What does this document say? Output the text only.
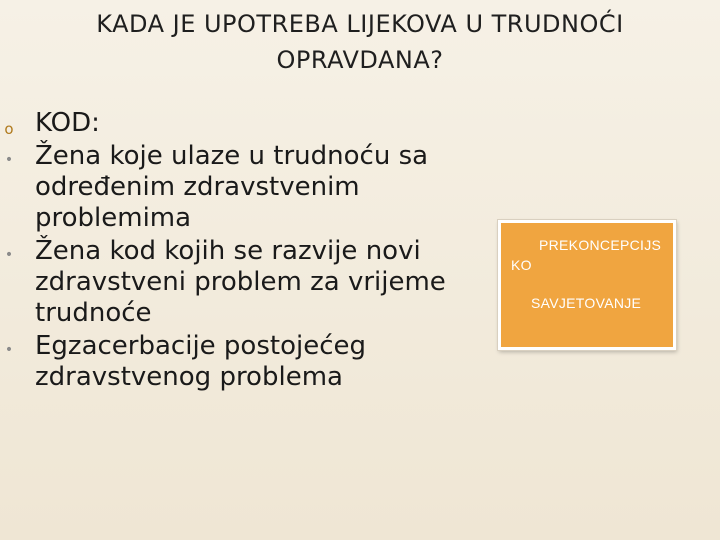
KADA JE UPOTREBA LIJEKOVA U TRUDNOĆI
OPRAVDANA?
o KOD:
• Žena koje ulaze u trudnoću sa određenim zdravstvenim problemima
• Žena kod kojih se razvije novi zdravstveni problem za vrijeme trudnoće
• Egzacerbacije postojećeg zdravstvenog problema

PREKONCEPCIJSKO

SAVJETOVANJE
